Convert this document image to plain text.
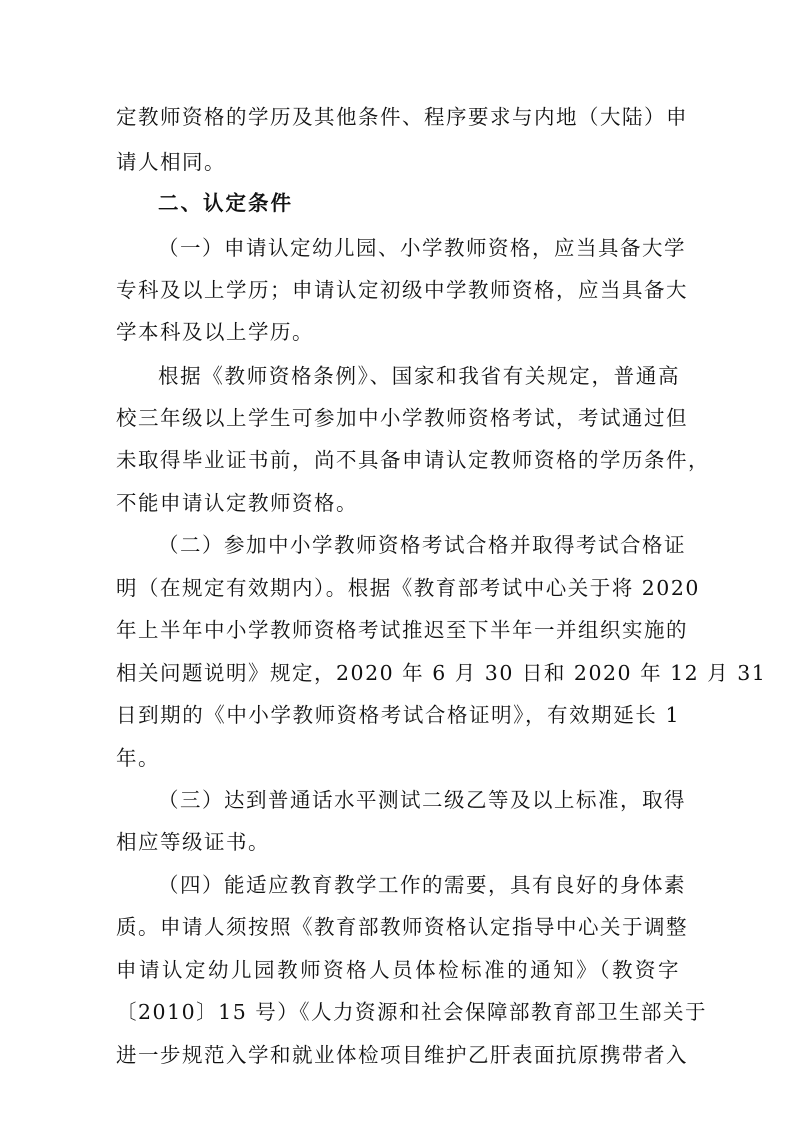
定教师资格的学历及其他条件、程序要求与内地（大陆）申
请人相同。
二、认定条件
（一）申请认定幼儿园、小学教师资格，应当具备大学
专科及以上学历；申请认定初级中学教师资格，应当具备大
学本科及以上学历。
根据《教师资格条例》、国家和我省有关规定，普通高
校三年级以上学生可参加中小学教师资格考试，考试通过但
未取得毕业证书前，尚不具备申请认定教师资格的学历条件，
不能申请认定教师资格。
（二）参加中小学教师资格考试合格并取得考试合格证
明（在规定有效期内）。根据《教育部考试中心关于将 2020
年上半年中小学教师资格考试推迟至下半年一并组织实施的
相关问题说明》规定，2020 年 6 月 30 日和 2020 年 12 月 31
日到期的《中小学教师资格考试合格证明》，有效期延长 1
年。
（三）达到普通话水平测试二级乙等及以上标准，取得
相应等级证书。
（四）能适应教育教学工作的需要，具有良好的身体素
质。申请人须按照《教育部教师资格认定指导中心关于调整
申请认定幼儿园教师资格人员体检标准的通知》（教资字
〔2010〕15 号）《人力资源和社会保障部教育部卫生部关于
进一步规范入学和就业体检项目维护乙肝表面抗原携带者入
